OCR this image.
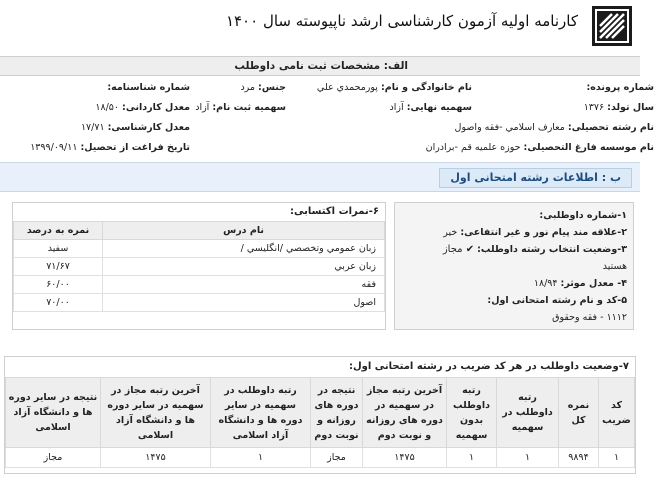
کارنامه اولیه آزمون کارشناسی ارشد ناپیوسته سال ۱۴۰۰
الف: مشخصات ثبت نامی داوطلب
شماره پرونده:
سال تولد: ۱۳۷۶
نام رشته تحصیلی: معارف اسلامي -فقه واصول
نام موسسه فارغ التحصیلی: حوزه علميه قم -برادران
نام خانوادگی و نام: پورمحمدي علي
سهمیه نهایی: آزاد
جنس: مرد
سهمیه ثبت نام: آزاد
شماره شناسنامه:
معدل کاردانی: ۱۸/۵۰
معدل کارشناسی: ۱۷/۷۱
تاریخ فراغت از تحصیل: ۱۳۹۹/۰۹/۱۱
ب : اطلاعات رشته امتحانی اول
۶-نمرات اکتسابی:
نام درس	نمره به درصد
زبان عمومي وتخصصي /انگليسي /	سفید
زبان عربي	۷۱/۶۷
فقه	۶۰/۰۰
اصول	۷۰/۰۰
۱-شماره داوطلبی:
۲-علاقه مند پیام نور و غیر انتفاعی: خیر
۳-وضعیت انتخاب رشته داوطلب: ✔ مجاز
هستید
۴- معدل موثر: ۱۸/۹۴
۵-کد و نام رشته امتحانی اول:
۱۱۱۲ - فقه وحقوق
۷-وضعیت داوطلب در هر کد ضریب در رشته امتحانی اول:
کد ضریب	نمره کل	رتبه داوطلب در سهمیه	رتبه داوطلب بدون سهمیه	آخرین رتبه مجاز در سهمیه در دوره های روزانه و نوبت دوم	نتیجه در دوره های روزانه و نوبت دوم	رتبه داوطلب در سهمیه در سایر دوره ها و دانشگاه آزاد اسلامی	آخرین رتبه مجاز در سهمیه در سایر دوره ها و دانشگاه آزاد اسلامی	نتیجه در سایر دوره ها و دانشگاه آزاد اسلامی
۱	۹۸۹۴	۱	۱	۱۴۷۵	مجاز	۱	۱۴۷۵	مجاز
